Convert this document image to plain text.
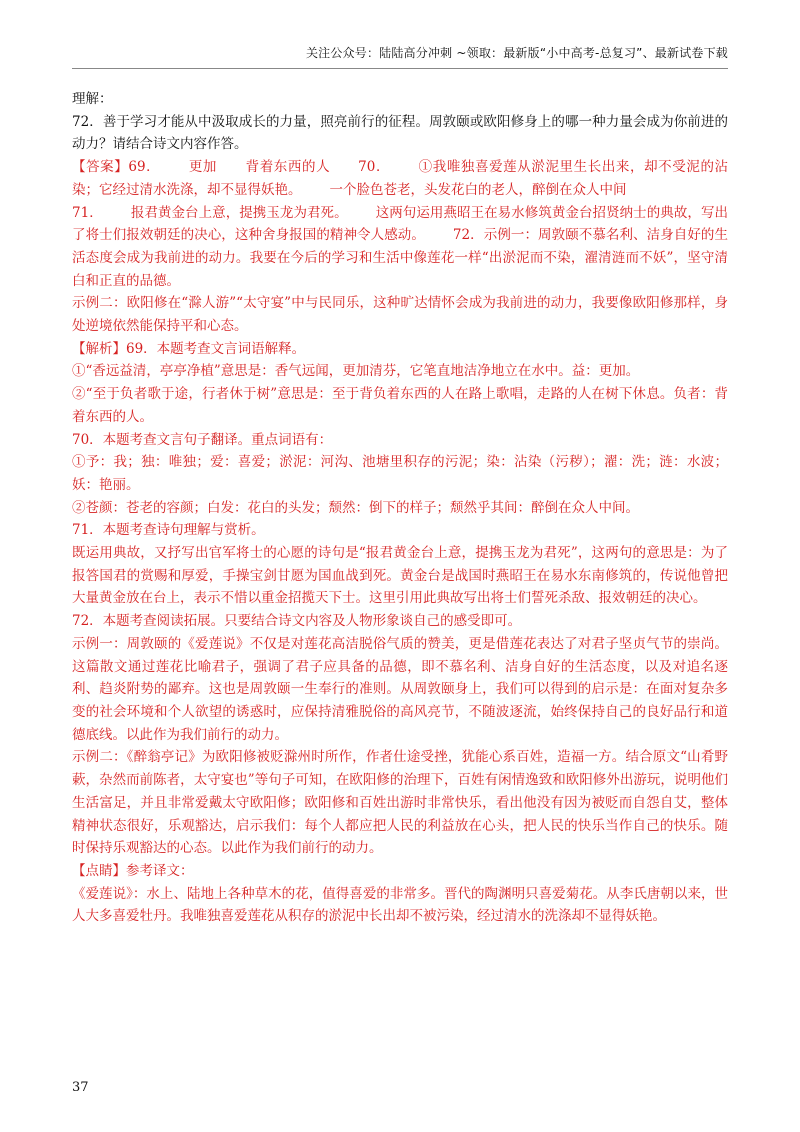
关注公众号：陆陆高分冲刺 ~领取：最新版“小中高考-总复习”、最新试卷下载

理解：

72．善于学习才能从中汲取成长的力量，照亮前行的征程。周敦颐或欧阳修身上的哪一种力量会成为你前进的动力？请结合诗文内容作答。

【答案】69． 更加 背着东西的人 70． ①我唯独喜爱莲从淤泥里生长出来，却不受泥的沾染；它经过清水洗涤，却不显得妖艳。 一个脸色苍老，头发花白的老人，醉倒在众人中间
71． 报君黄金台上意，提携玉龙为君死。 这两句运用燕昭王在易水修筑黄金台招贤纳士的典故，写出了将士们报效朝廷的决心，这种舍身报国的精神令人感动。 72．示例一：周敦颐不慕名利、洁身自好的生活态度会成为我前进的动力。我要在今后的学习和生活中像莲花一样“出淤泥而不染，濯清涟而不妖”，坚守清白和正直的品德。

示例二：欧阳修在“滁人游”“太守宴”中与民同乐，这种旷达情怀会成为我前进的动力，我要像欧阳修那样，身处逆境依然能保持平和心态。

【解析】69．本题考查文言词语解释。

①“香远益清，亭亭净植”意思是：香气远闻，更加清芬，它笔直地洁净地立在水中。益：更加。

②“至于负者歌于途，行者休于树”意思是：至于背负着东西的人在路上歌唱，走路的人在树下休息。负者：背着东西的人。

70．本题考查文言句子翻译。重点词语有：

①予：我；独：唯独；爱：喜爱；淤泥：河沟、池塘里积存的污泥；染：沾染（污秽）；濯：洗；涟：水波；妖：艳丽。

②苍颜：苍老的容颜；白发：花白的头发；颓然：倒下的样子；颓然乎其间：醉倒在众人中间。

71．本题考查诗句理解与赏析。

既运用典故，又抒写出官军将士的心愿的诗句是“报君黄金台上意，提携玉龙为君死”，这两句的意思是：为了报答国君的赏赐和厚爱，手操宝剑甘愿为国血战到死。黄金台是战国时燕昭王在易水东南修筑的，传说他曾把大量黄金放在台上，表示不惜以重金招揽天下士。这里引用此典故写出将士们誓死杀敌、报效朝廷的决心。

72．本题考查阅读拓展。只要结合诗文内容及人物形象谈自己的感受即可。

示例一：周敦颐的《爱莲说》不仅是对莲花高洁脱俗气质的赞美，更是借莲花表达了对君子坚贞气节的崇尚。这篇散文通过莲花比喻君子，强调了君子应具备的品德，即不慕名利、洁身自好的生活态度，以及对追名逐利、趋炎附势的鄙弃。这也是周敦颐一生奉行的准则。从周敦颐身上，我们可以得到的启示是：在面对复杂多变的社会环境和个人欲望的诱惑时，应保持清雅脱俗的高风亮节，不随波逐流，始终保持自己的良好品行和道德底线。以此作为我们前行的动力。

示例二：《醉翁亭记》为欧阳修被贬滁州时所作，作者仕途受挫，犹能心系百姓，造福一方。结合原文“山肴野蔌，杂然而前陈者，太守宴也”等句子可知，在欧阳修的治理下，百姓有闲情逸致和欧阳修外出游玩，说明他们生活富足，并且非常爱戴太守欧阳修；欧阳修和百姓出游时非常快乐，看出他没有因为被贬而自怨自艾，整体精神状态很好，乐观豁达，启示我们：每个人都应把人民的利益放在心头，把人民的快乐当作自己的快乐。随时保持乐观豁达的心态。以此作为我们前行的动力。

【点睛】参考译文：

《爱莲说》：水上、陆地上各种草木的花，值得喜爱的非常多。晋代的陶渊明只喜爱菊花。从李氏唐朝以来，世人大多喜爱牡丹。我唯独喜爱莲花从积存的淤泥中长出却不被污染，经过清水的洗涤却不显得妖艳。

37
